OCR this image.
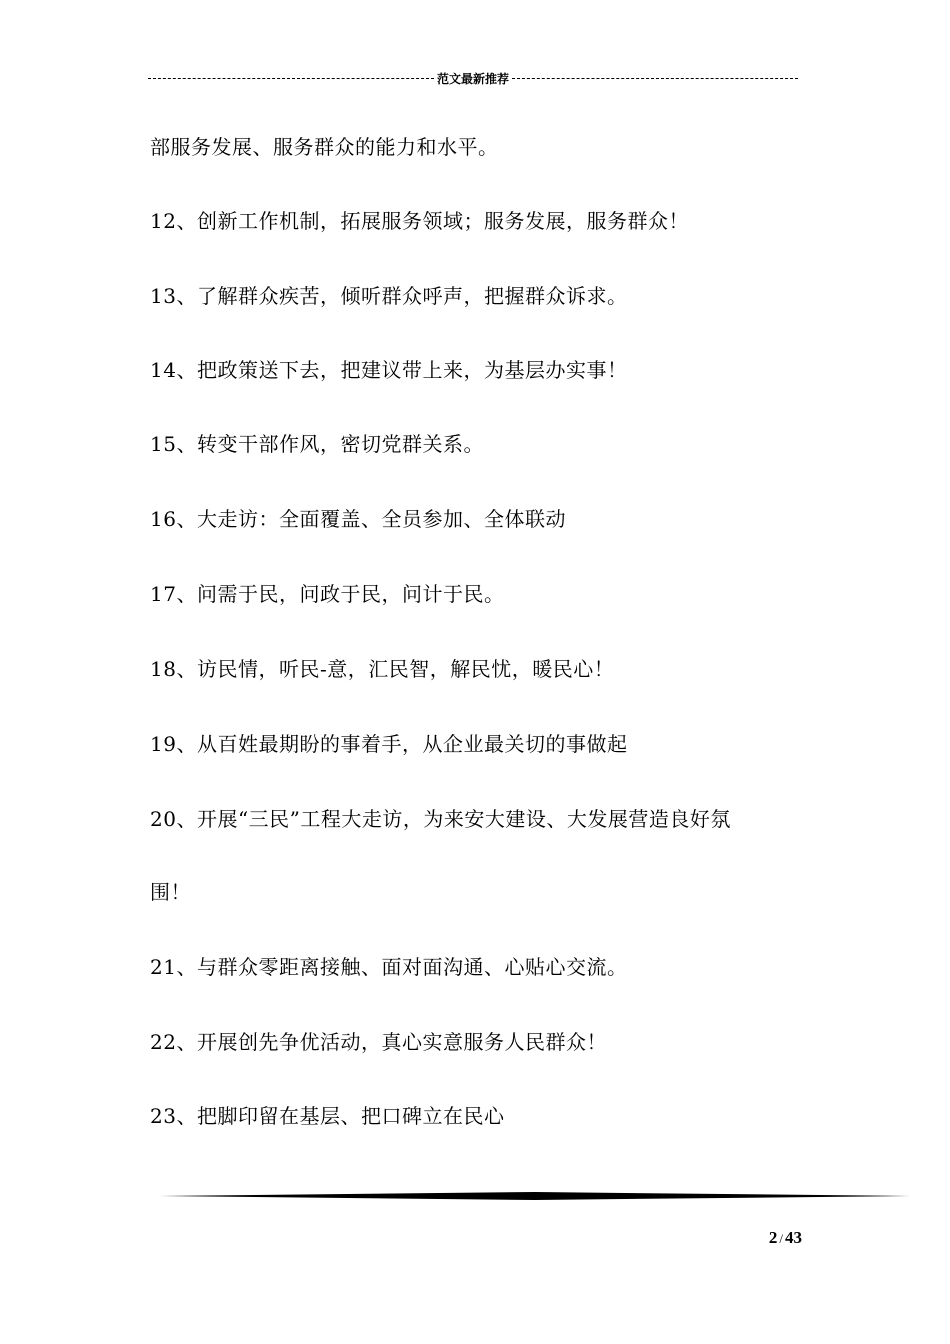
范文最新推荐
部服务发展、服务群众的能力和水平。
12、创新工作机制，拓展服务领域；服务发展，服务群众！
13、了解群众疾苦，倾听群众呼声，把握群众诉求。
14、把政策送下去，把建议带上来，为基层办实事！
15、转变干部作风，密切党群关系。
16、大走访：全面覆盖、全员参加、全体联动
17、问需于民，问政于民，问计于民。
18、访民情，听民-意，汇民智，解民忧，暖民心！
19、从百姓最期盼的事着手，从企业最关切的事做起
20、开展“三民”工程大走访，为来安大建设、大发展营造良好氛
围！
21、与群众零距离接触、面对面沟通、心贴心交流。
22、开展创先争优活动，真心实意服务人民群众！
23、把脚印留在基层、把口碑立在民心
2 / 43
